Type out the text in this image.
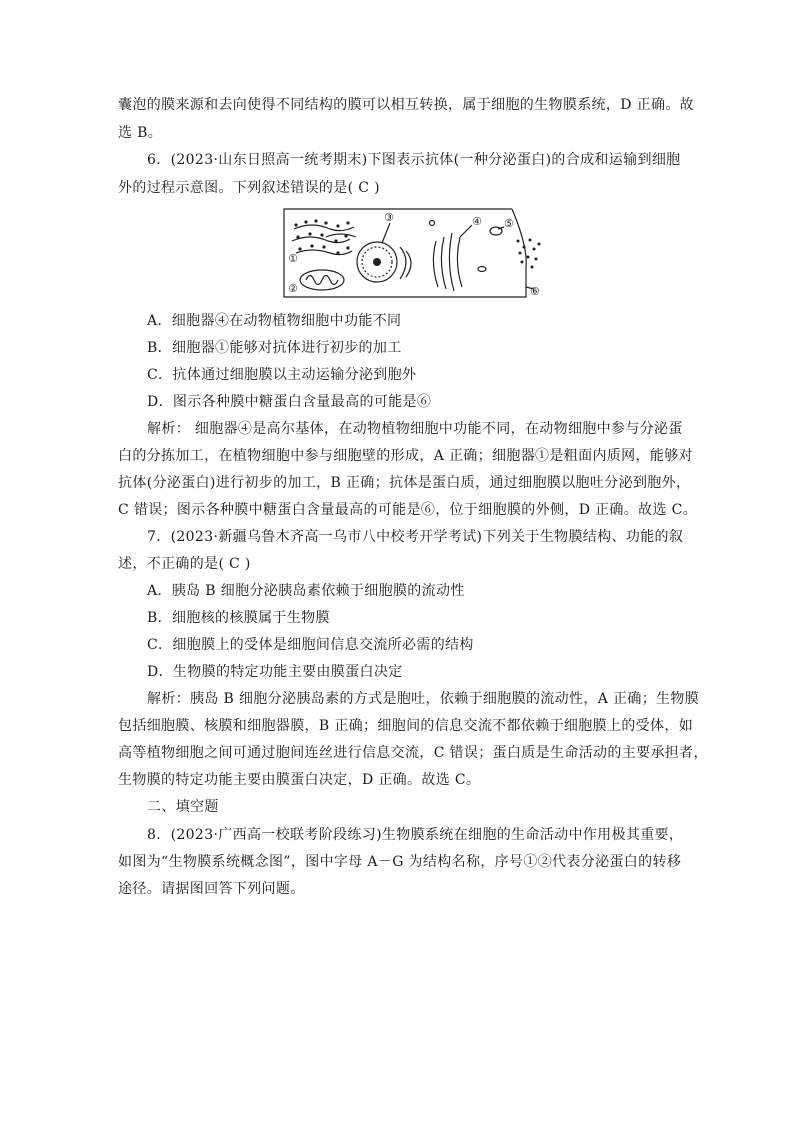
囊泡的膜来源和去向使得不同结构的膜可以相互转换，属于细胞的生物膜系统，D 正确。故
选 B。
6．(2023·山东日照高一统考期末)下图表示抗体(一种分泌蛋白)的合成和运输到细胞
外的过程示意图。下列叙述错误的是( C )
①
②
③	④ ⑤
⑥
A．细胞器④在动物植物细胞中功能不同
B．细胞器①能够对抗体进行初步的加工
C．抗体通过细胞膜以主动运输分泌到胞外
D．图示各种膜中糖蛋白含量最高的可能是⑥
解析： 细胞器④是高尔基体，在动物植物细胞中功能不同，在动物细胞中参与分泌蛋
白的分拣加工，在植物细胞中参与细胞壁的形成，A 正确；细胞器①是粗面内质网，能够对
抗体(分泌蛋白)进行初步的加工，B 正确；抗体是蛋白质，通过细胞膜以胞吐分泌到胞外，
C 错误；图示各种膜中糖蛋白含量最高的可能是⑥，位于细胞膜的外侧，D 正确。故选 C。
7．(2023·新疆乌鲁木齐高一乌市八中校考开学考试)下列关于生物膜结构、功能的叙
述，不正确的是( C )
A．胰岛 B 细胞分泌胰岛素依赖于细胞膜的流动性
B．细胞核的核膜属于生物膜
C．细胞膜上的受体是细胞间信息交流所必需的结构
D．生物膜的特定功能主要由膜蛋白决定
解析：胰岛 B 细胞分泌胰岛素的方式是胞吐，依赖于细胞膜的流动性，A 正确；生物膜
包括细胞膜、核膜和细胞器膜，B 正确；细胞间的信息交流不都依赖于细胞膜上的受体，如
高等植物细胞之间可通过胞间连丝进行信息交流，C 错误；蛋白质是生命活动的主要承担者，
生物膜的特定功能主要由膜蛋白决定，D 正确。故选 C。
二、填空题
8．(2023·广西高一校联考阶段练习)生物膜系统在细胞的生命活动中作用极其重要，
如图为“生物膜系统概念图”，图中字母 A－G 为结构名称，序号①②代表分泌蛋白的转移
途径。请据图回答下列问题。
